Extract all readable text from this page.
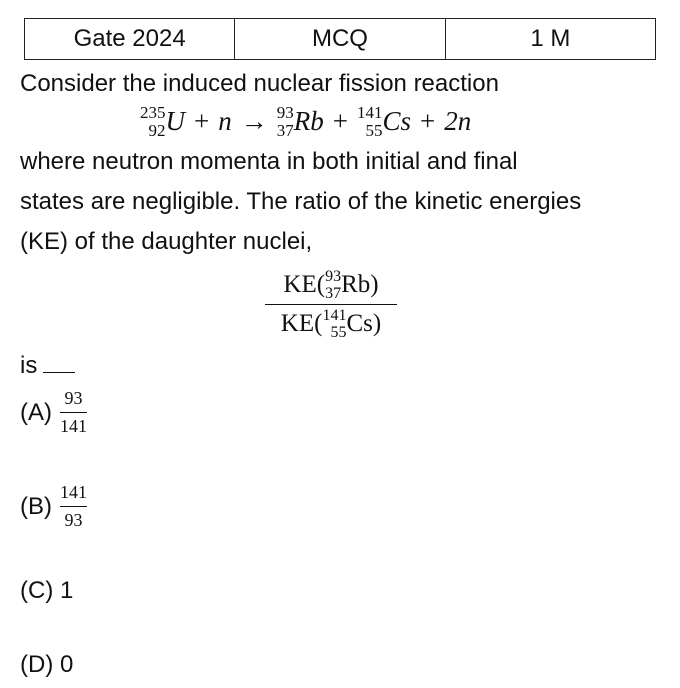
Gate 2024	MCQ	1 M
Consider the induced nuclear fission reaction
235
92 U + n → 93
37 Rb + 141
55 Cs + 2n
where neutron momenta in both initial and final
states are negligible. The ratio of the kinetic energies
(KE) of the daughter nuclei,
KE( 93
37 Rb)
KE( 141
55 Cs)
is
(A)
93
141
(B)
141
93
(C) 1
(D) 0
